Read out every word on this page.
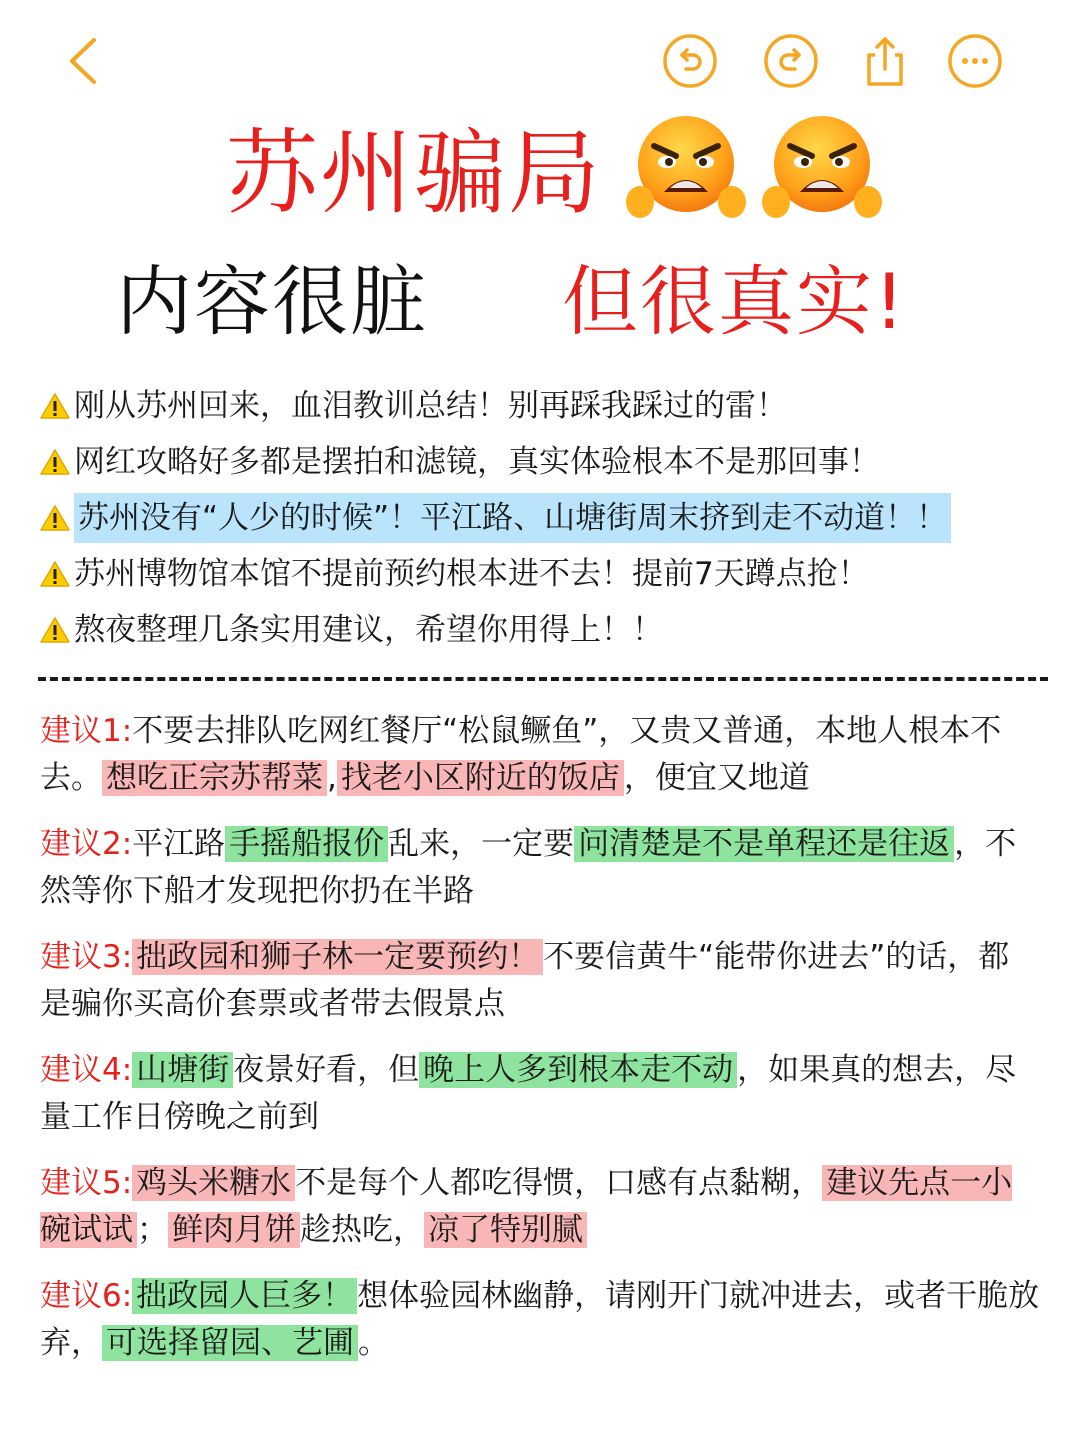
苏州骗局
内容很脏 但很真实!
刚从苏州回来，血泪教训总结！别再踩我踩过的雷！
网红攻略好多都是摆拍和滤镜，真实体验根本不是那回事！
苏州没有“人少的时候”！平江路、山塘街周末挤到走不动道！！
苏州博物馆本馆不提前预约根本进不去！提前7天蹲点抢！
熬夜整理几条实用建议，希望你用得上！！
建议1:不要去排队吃网红餐厅“松鼠鳜鱼”，又贵又普通，本地人根本不去。 想吃正宗苏帮菜 , 找老小区附近的饭店 ，便宜又地道
建议2:平江路 手摇船报价 乱来，一定要 问清楚是不是单程还是往返 ，不然等你下船才发现把你扔在半路
建议3: 拙政园和狮子林一定要预约！ 不要信黄牛“能带你进去”的话，都是骗你买高价套票或者带去假景点
建议4: 山塘街 夜景好看，但 晚上人多到根本走不动 ，如果真的想去，尽量工作日傍晚之前到
建议5: 鸡头米糖水 不是每个人都吃得惯，口感有点黏糊， 建议先点一小碗试试 ； 鲜肉月饼 趁热吃， 凉了特别腻
建议6: 拙政园人巨多！ 想体验园林幽静，请刚开门就冲进去，或者干脆放弃， 可选择留园、艺圃 。
